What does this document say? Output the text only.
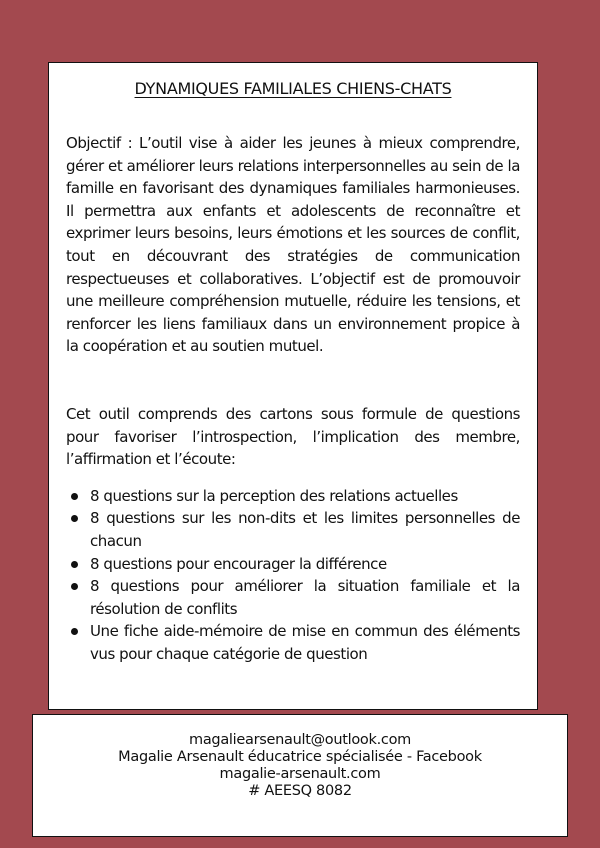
DYNAMIQUES FAMILIALES CHIENS-CHATS

Objectif : L’outil vise à aider les jeunes à mieux comprendre, gérer et améliorer leurs relations interpersonnelles au sein de la famille en favorisant des dynamiques familiales harmonieuses. Il permettra aux enfants et adolescents de reconnaître et exprimer leurs besoins, leurs émotions et les sources de conflit, tout en découvrant des stratégies de communication respectueuses et collaboratives. L’objectif est de promouvoir une meilleure compréhension mutuelle, réduire les tensions, et renforcer les liens familiaux dans un environnement propice à la coopération et au soutien mutuel.

Cet outil comprends des cartons sous formule de questions pour favoriser l’introspection, l’implication des membre, l’affirmation et l’écoute:

8 questions sur la perception des relations actuelles
8 questions sur les non-dits et les limites personnelles de chacun
8 questions pour encourager la différence
8 questions pour améliorer la situation familiale et la résolution de conflits
Une fiche aide-mémoire de mise en commun des éléments vus pour chaque catégorie de question
magaliearsenault@outlook.com
Magalie Arsenault éducatrice spécialisée - Facebook
magalie-arsenault.com
# AEESQ 8082
